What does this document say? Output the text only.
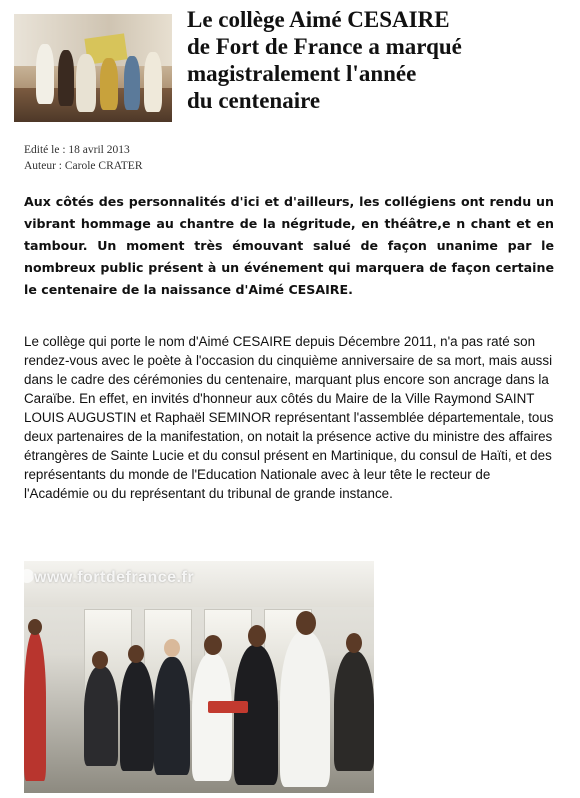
Le collège Aimé CESAIRE
de Fort de France a marqué
magistralement l'année
du centenaire
Edité le : 18 avril 2013
Auteur : Carole CRATER

Aux côtés des personnalités d'ici et d'ailleurs, les collégiens ont rendu un vibrant hommage au chantre de la négritude, en théâtre,e n chant et en tambour. Un moment très émouvant salué de façon unanime par le nombreux public présent à un événement qui marquera de façon certaine le centenaire de la naissance d'Aimé CESAIRE.

Le collège qui porte le nom d'Aimé CESAIRE depuis Décembre 2011, n'a pas raté son rendez-vous avec le poète à l'occasion du cinquième anniversaire de sa mort, mais aussi dans le cadre des cérémonies du centenaire, marquant plus encore son ancrage dans la Caraïbe. En effet, en invités d'honneur aux côtés du Maire de la Ville Raymond SAINT LOUIS AUGUSTIN et Raphaël SEMINOR représentant l'assemblée départementale, tous deux partenaires de la manifestation, on notait la présence active du ministre des affaires étrangères de Sainte Lucie et du consul présent en Martinique, du consul de Haïti, et des représentants du monde de l'Education Nationale avec à leur tête le recteur de l'Académie ou du représentant du tribunal de grande instance.

www.fortdefrance.fr
